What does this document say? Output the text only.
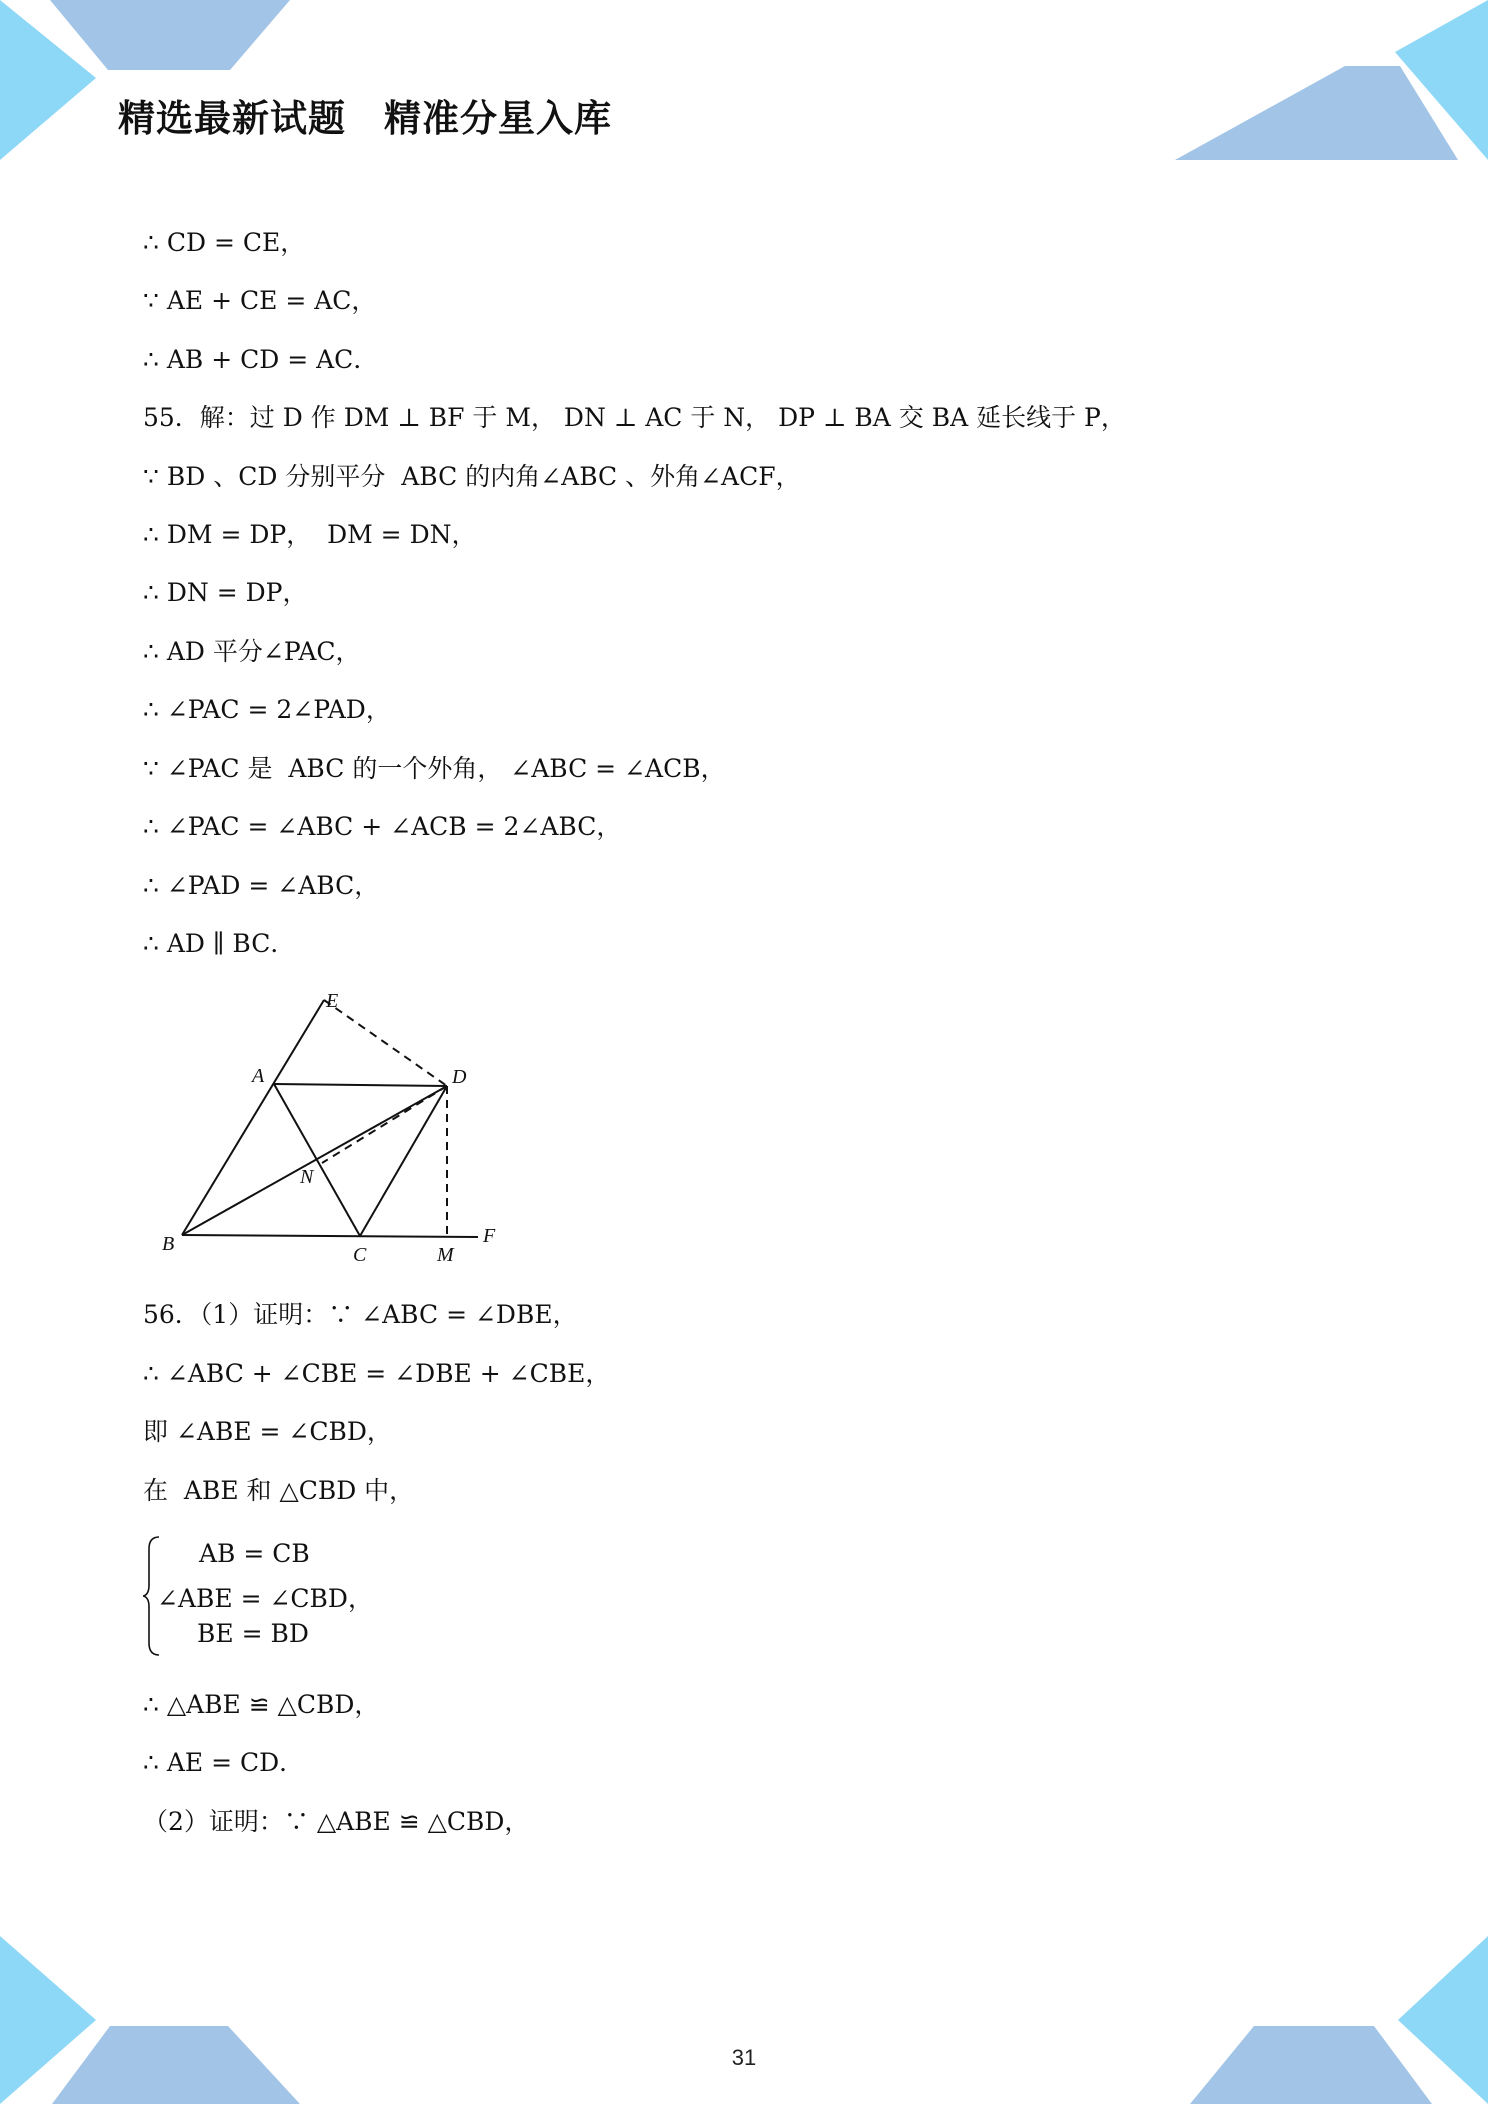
精选最新试题　精准分星入库
∴ CD = CE，
∵ AE + CE = AC，
∴ AB + CD = AC．
55．解：过 D 作 DM ⊥ BF 于 M， DN ⊥ AC 于 N， DP ⊥ BA 交 BA 延长线于 P，
∵ BD 、CD 分别平分  ABC 的内角∠ABC 、外角∠ACF，
∴ DM = DP，  DM = DN，
∴ DN = DP，
∴ AD 平分∠PAC，
∴ ∠PAC = 2∠PAD，
∵ ∠PAC 是  ABC 的一个外角， ∠ABC = ∠ACB，
∴ ∠PAC = ∠ABC + ∠ACB = 2∠ABC，
∴ ∠PAD = ∠ABC，
∴ AD ∥ BC．
E
A	D
N
B	C	M
F
56．（1）证明：∵ ∠ABC = ∠DBE，
∴ ∠ABC + ∠CBE = ∠DBE + ∠CBE，
即 ∠ABE = ∠CBD，
在  ABE 和 △CBD 中，
AB = CB
∠ABE = ∠CBD，
BE = BD
∴ △ABE ≌ △CBD，
∴ AE = CD．
（2）证明：∵ △ABE ≌ △CBD，
31
